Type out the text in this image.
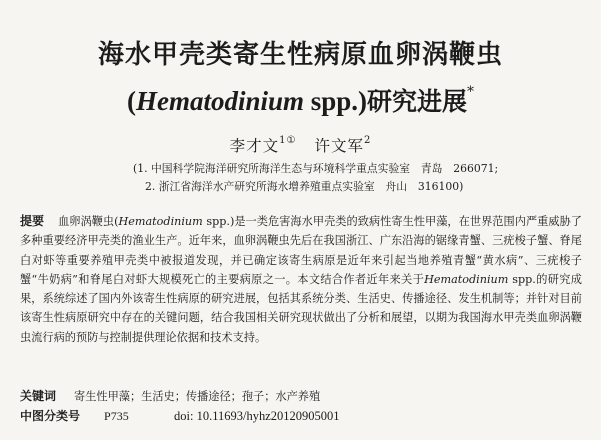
海水甲壳类寄生性病原血卵涡鞭虫
(Hematodinium spp.)研究进展*
李才文$^{1①}$ 许文军$^2$
(1. 中国科学院海洋研究所海洋生态与环境科学重点实验室　青岛　266071;
2. 浙江省海洋水产研究所海水增养殖重点实验室　舟山　316100)
提要 血卵涡鞭虫(Hematodinium spp.)是一类危害海水甲壳类的致病性寄生性甲藻，在世界范围内严重威胁了多种重要经济甲壳类的渔业生产。近年来，血卵涡鞭虫先后在我国浙江、广东沿海的锯缘青蟹、三疣梭子蟹、脊尾白对虾等重要养殖甲壳类中被报道发现，并已确定该寄生病原是近年来引起当地养殖青蟹“黄水病”、三疣梭子蟹“牛奶病”和脊尾白对虾大规模死亡的主要病原之一。本文结合作者近年来关于Hematodinium spp.的研究成果，系统综述了国内外该寄生性病原的研究进展，包括其系统分类、生活史、传播途径、发生机制等；并针对目前该寄生性病原研究中存在的关键问题，结合我国相关研究现状做出了分析和展望，以期为我国海水甲壳类血卵涡鞭虫流行病的预防与控制提供理论依据和技术支持。
关键词 寄生性甲藻；生活史；传播途径；孢子；水产养殖
中图分类号 P735	doi: 10.11693/hyhz20120905001
